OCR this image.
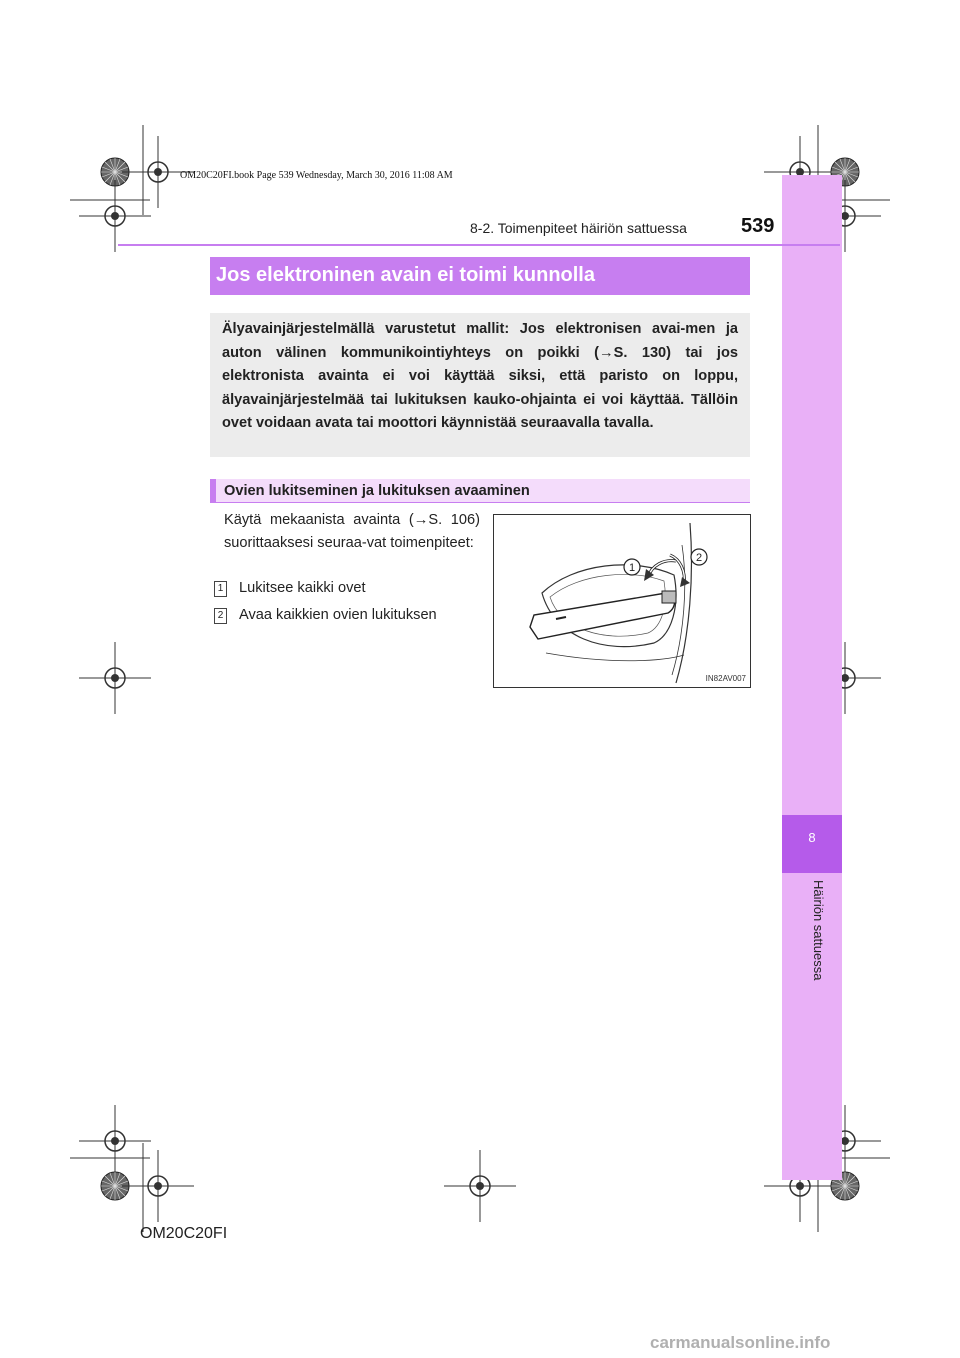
OM20C20FI.book Page 539 Wednesday, March 30, 2016 11:08 AM
8
Häiriön sattuessa
8-2. Toimenpiteet häiriön sattuessa	539
Jos elektroninen avain ei toimi kunnolla
Älyavainjärjestelmällä varustetut mallit: Jos elektronisen avai-men ja auton välinen kommunikointiyhteys on poikki (→S. 130) tai jos elektronista avainta ei voi käyttää siksi, että paristo on loppu, älyavainjärjestelmää tai lukituksen kauko-ohjainta ei voi käyttää. Tällöin ovet voidaan avata tai moottori käynnistää seuraavalla tavalla.
Ovien lukitseminen ja lukituksen avaaminen
Käytä mekaanista avainta (→S. 106) suorittaaksesi seuraa-vat toimenpiteet:
1 Lukitsee kaikki ovet
2 Avaa kaikkien ovien lukituksen
1
2
IN82AV007
OM20C20FI
carmanualsonline.info
